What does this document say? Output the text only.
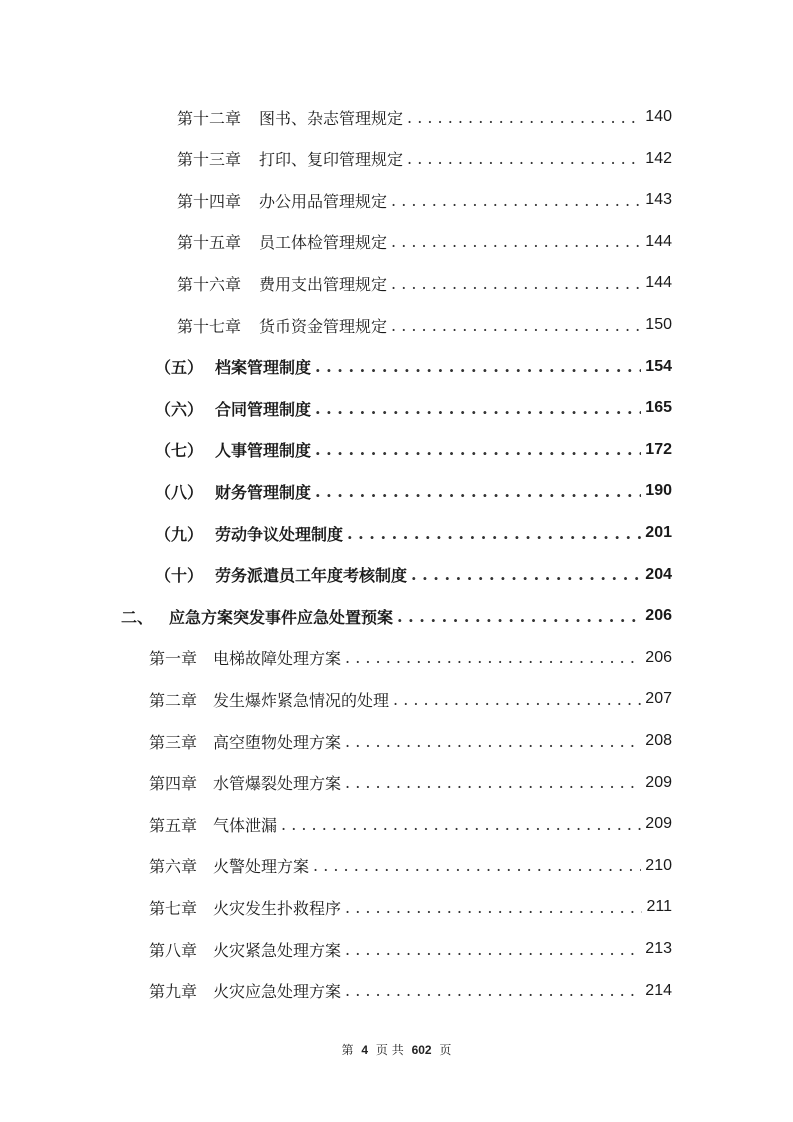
第十二章	图书、杂志管理规定 . . .	140
第十三章	打印、复印管理规定 . . .	142
第十四章	办公用品管理规定 . . .	143
第十五章	员工体检管理规定 . . .	144
第十六章	费用支出管理规定 . . .	144
第十七章	货币资金管理规定 . . .	150
（五） 档案管理制度 . . .	154
（六） 合同管理制度 . . .	165
（七） 人事管理制度 . . .	172
（八） 财务管理制度 . . .	190
（九） 劳动争议处理制度 . . .	201
（十） 劳务派遣员工年度考核制度 . . .	204
二、 应急方案突发事件应急处置预案 . . .	206
第一章 电梯故障处理方案 . . .	206
第二章 发生爆炸紧急情况的处理 . . .	207
第三章 高空堕物处理方案 . . .	208
第四章 水管爆裂处理方案 . . .	209
第五章 气体泄漏 . . .	209
第六章 火警处理方案 . . .	210
第七章 火灾发生扑救程序 . . .	211
第八章 火灾紧急处理方案 . . .	213
第九章 火灾应急处理方案 . . .	214
第 4 页 共 602 页
